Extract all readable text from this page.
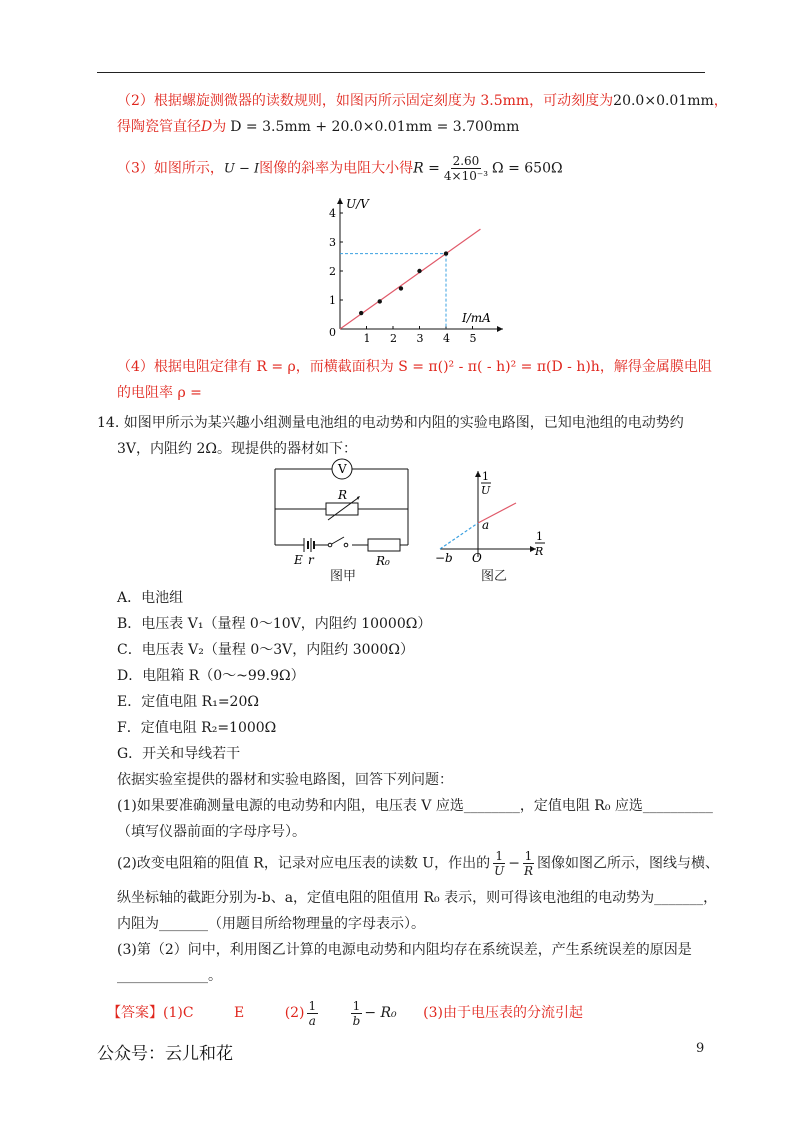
（2）根据螺旋测微器的读数规则，如图丙所示固定刻度为 3.5mm，可动刻度为20.0×0.01mm，
得陶瓷管直径D为 D = 3.5mm + 20.0×0.01mm = 3.700mm
（3）如图所示，U − I图像的斜率为电阻大小得$R = \frac{2.60}{\text{4×10⁻³}}$ Ω = 650Ω
1 2 3 4 5
1
2
3
4
U/V
I/mA
0
（4）根据电阻定律有 R = ρ，而横截面积为 S = π()² - π( - h)² = π(D - h)h，解得金属膜电阻
的电阻率 ρ =
14. 如图甲所示为某兴趣小组测量电池组的电动势和内阻的实验电路图，已知电池组的电动势约
3V，内阻约 2Ω。现提供的器材如下：
V
R
E r	R₀
图甲
a
−b O
1
U
1
R
图乙
A．电池组
B．电压表 V₁（量程 0～10V，内阻约 10000Ω）
C．电压表 V₂（量程 0～3V，内阻约 3000Ω）
D．电阻箱 R（0～~99.9Ω）
E．定值电阻 R₁=20Ω
F．定值电阻 R₂=1000Ω
G．开关和导线若干
依据实验室提供的器材和实验电路图，回答下列问题：
(1)如果要准确测量电源的电动势和内阻，电压表 V 应选________，定值电阻 R₀ 应选__________
（填写仪器前面的字母序号）。
(2)改变电阻箱的阻值 R，记录对应电压表的读数 U，作出的 $\frac{1}{U} - \frac{1}{R}$ 图像如图乙所示，图线与横、
纵坐标轴的截距分别为-b、a，定值电阻的阻值用 R₀ 表示，则可得该电池组的电动势为_______，
内阻为_______（用题目所给物理量的字母表示）。
(3)第（2）问中，利用图乙计算的电源电动势和内阻均存在系统误差，产生系统误差的原因是
_____________。
【答案】(1)C	E	$(2) \frac{1}{a}$
	$\frac{1}{b} - R_0$ (3)由于电压表的分流引起
公众号：云儿和花	9
